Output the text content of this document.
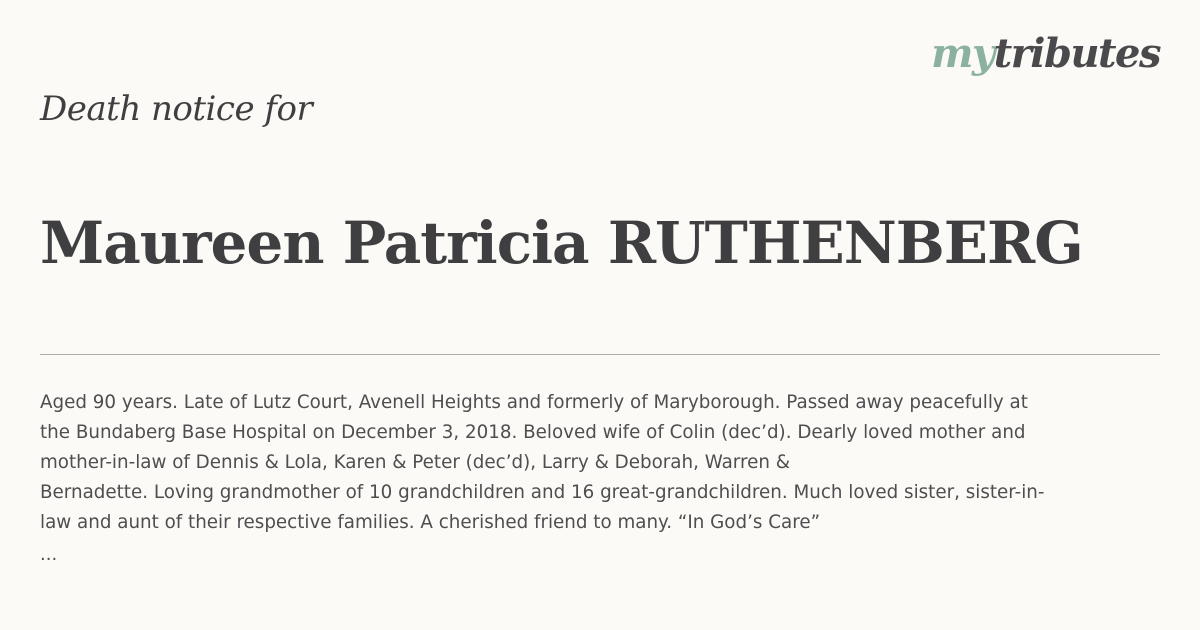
mytributes
Death notice for
Maureen Patricia RUTHENBERG

Aged 90 years. Late of Lutz Court, Avenell Heights and formerly of Maryborough. Passed away peacefully at

the Bundaberg Base Hospital on December 3, 2018. Beloved wife of Colin (dec’d). Dearly loved mother and

mother-in-law of Dennis & Lola, Karen & Peter (dec’d), Larry & Deborah, Warren &

Bernadette. Loving grandmother of 10 grandchildren and 16 great-grandchildren. Much loved sister, sister-in-

law and aunt of their respective families. A cherished friend to many. “In God’s Care”

...
